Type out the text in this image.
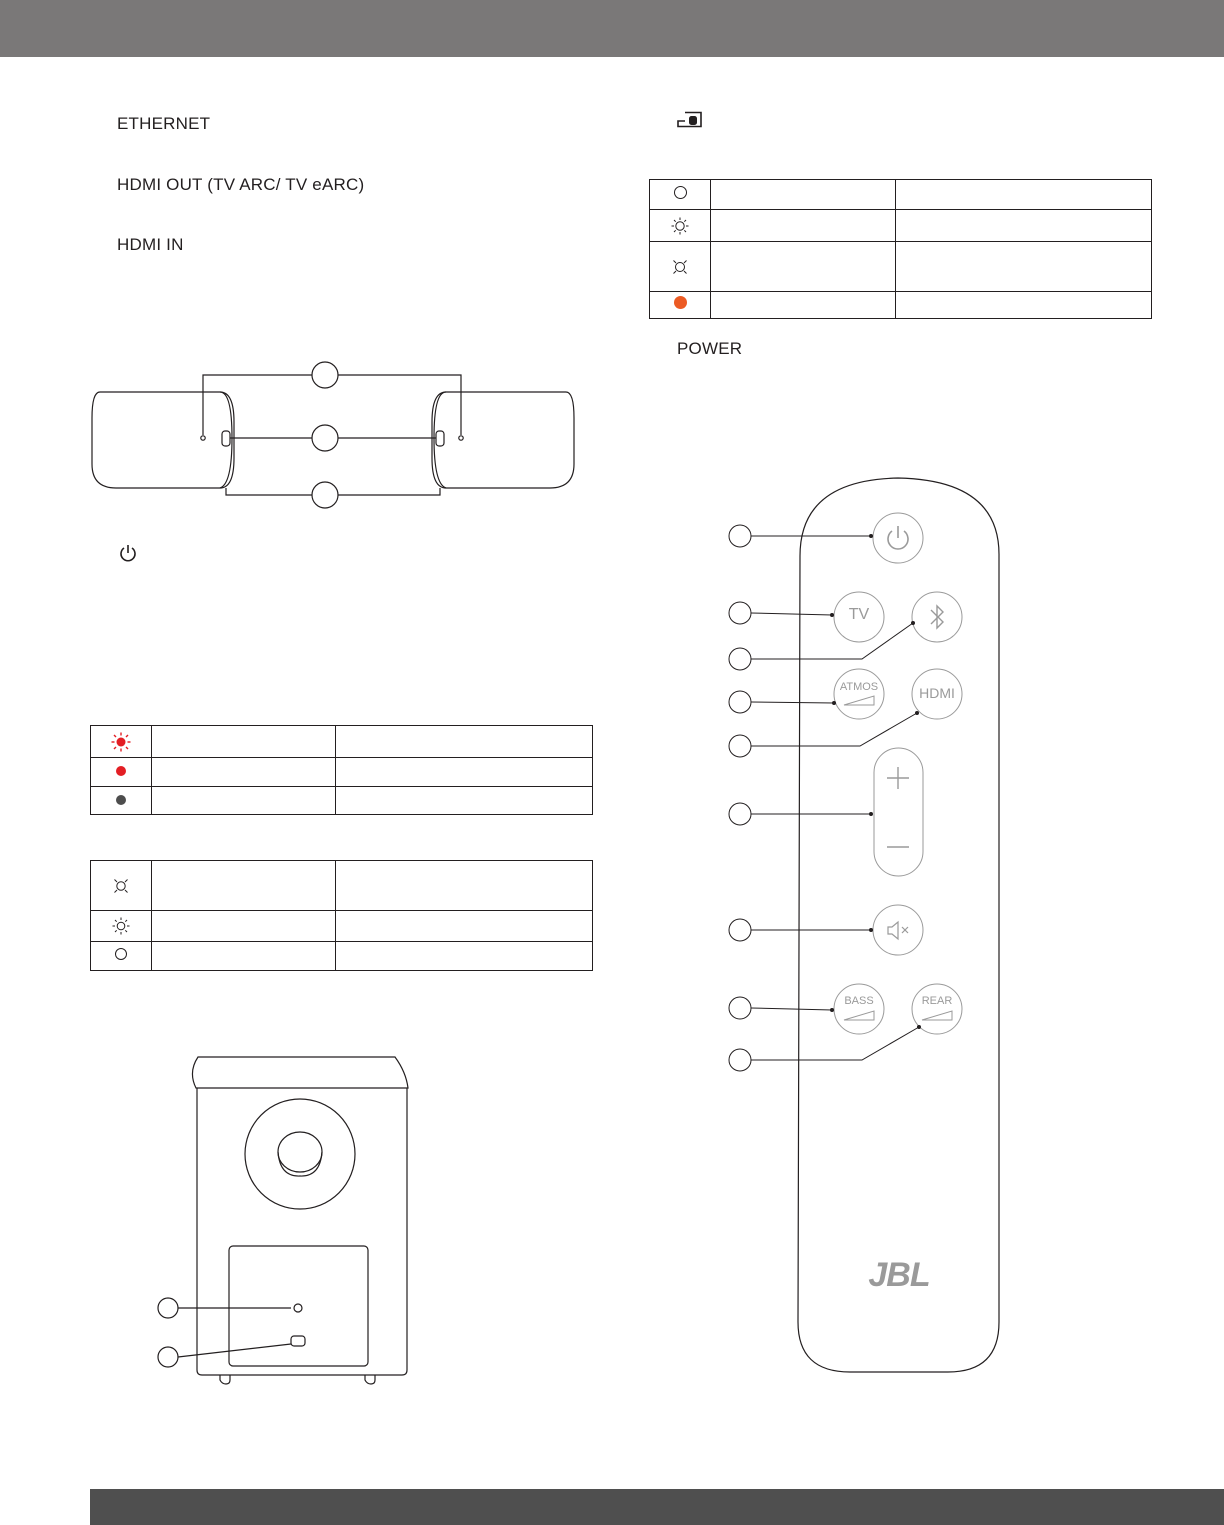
ETHERNET
HDMI OUT (TV ARC/ TV eARC)
HDMI IN

POWER
TV
ATMOS	HDMI
BASS	REAR
JBL
